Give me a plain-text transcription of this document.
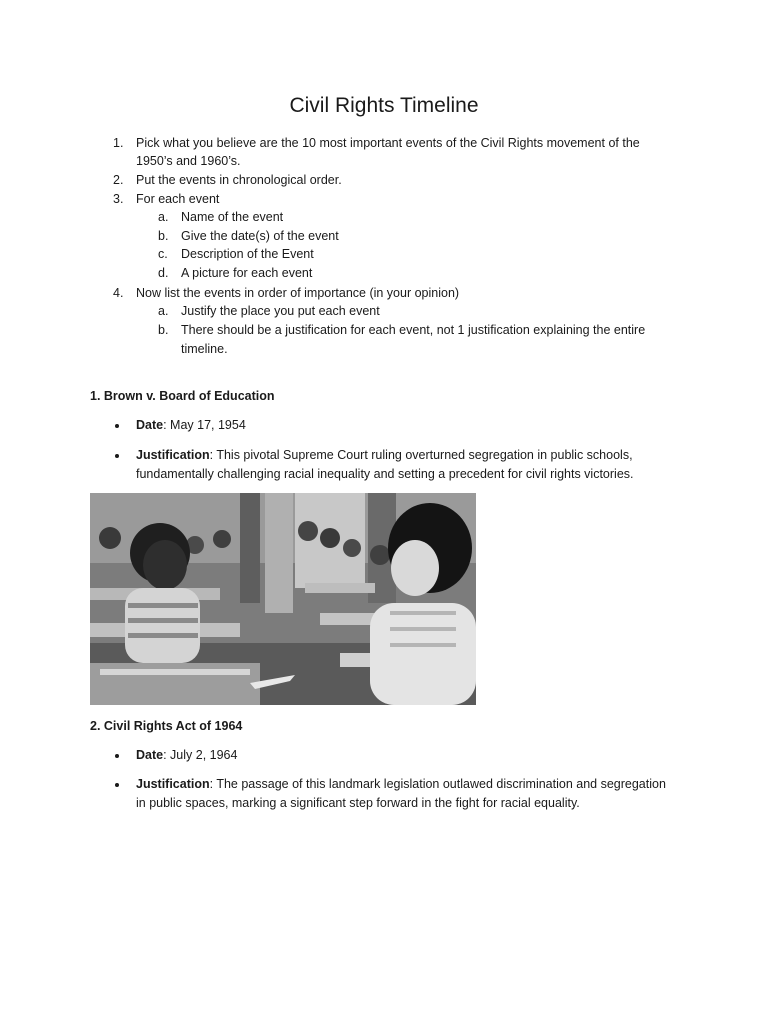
Civil Rights Timeline
1. Pick what you believe are the 10 most important events of the Civil Rights movement of the
1950’s and 1960’s.
2. Put the events in chronological order.
3. For each event
a. Name of the event
b. Give the date(s) of the event
c. Description of the Event
d. A picture for each event
4. Now list the events in order of importance (in your opinion)
a. Justify the place you put each event
b. There should be a justification for each event, not 1 justification explaining the entire
timeline.
1. Brown v. Board of Education
Date: May 17, 1954
Justification: This pivotal Supreme Court ruling overturned segregation in public schools,
fundamentally challenging racial inequality and setting a precedent for civil rights victories.
2. Civil Rights Act of 1964
Date: July 2, 1964
Justification: The passage of this landmark legislation outlawed discrimination and segregation
in public spaces, marking a significant step forward in the fight for racial equality.
